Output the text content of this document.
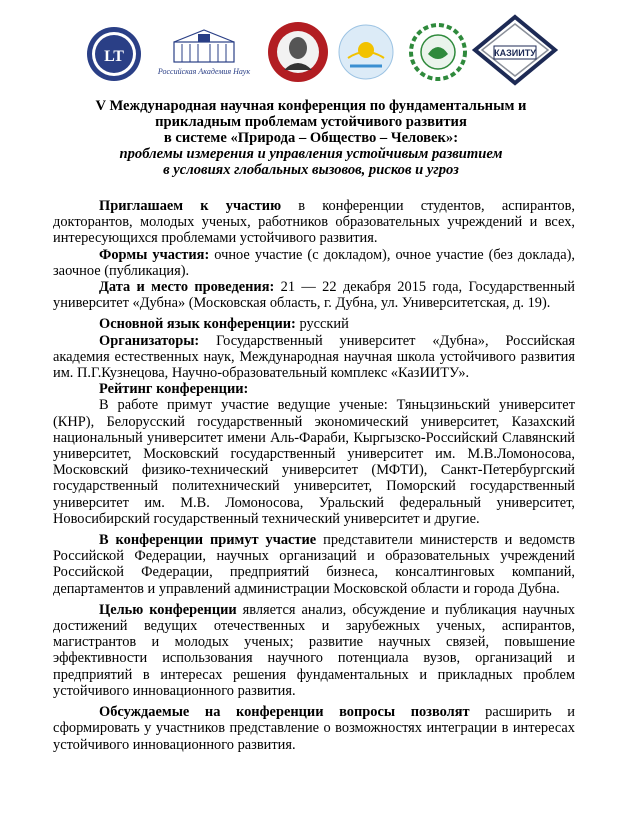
LT
Российская Академия Наук
КАЗИИТУ
V Международная научная конференция по фундаментальным и
прикладным проблемам устойчивого развития
в системе «Природа – Общество – Человек»:
проблемы измерения и управления устойчивым развитием
в условиях глобальных вызовов, рисков и угроз

Приглашаем к участию в конференции студентов, аспирантов, докторантов, молодых ученых, работников образовательных учреждений и всех, интересующихся проблемами устойчивого развития.

Формы участия: очное участие (с докладом), очное участие (без доклада), заочное (публикация).

Дата и место проведения: 21 — 22 декабря 2015 года, Государственный университет «Дубна» (Московская область, г. Дубна, ул. Университетская, д. 19).

Основной язык конференции: русский

Организаторы: Государственный университет «Дубна», Российская академия естественных наук, Международная научная школа устойчивого развития им. П.Г.Кузнецова, Научно-образовательный комплекс «КазИИТУ».

Рейтинг конференции:

В работе примут участие ведущие ученые: Тяньцзиньский университет (КНР), Белорусский государственный экономический университет, Казахский национальный университет имени Аль-Фараби, Кыргызско-Российский Славянский университет, Московский государственный университет им. М.В.Ломоносова, Московский физико-технический университет (МФТИ), Санкт-Петербургский государственный политехнический университет, Поморский государственный университет им. М.В. Ломоносова, Уральский федеральный университет, Новосибирский государственный технический университет и другие.

В конференции примут участие представители министерств и ведомств Российской Федерации, научных организаций и образовательных учреждений Российской Федерации, предприятий бизнеса, консалтинговых компаний, департаментов и управлений администрации Московской области и города Дубна.

Целью конференции является анализ, обсуждение и публикация научных достижений ведущих отечественных и зарубежных ученых, аспирантов, магистрантов и молодых ученых; развитие научных связей, повышение эффективности использования научного потенциала вузов, организаций и предприятий в интересах решения фундаментальных и прикладных проблем устойчивого инновационного развития.

Обсуждаемые на конференции вопросы позволят расширить и сформировать у участников представление о возможностях интеграции в интересах устойчивого инновационного развития.
